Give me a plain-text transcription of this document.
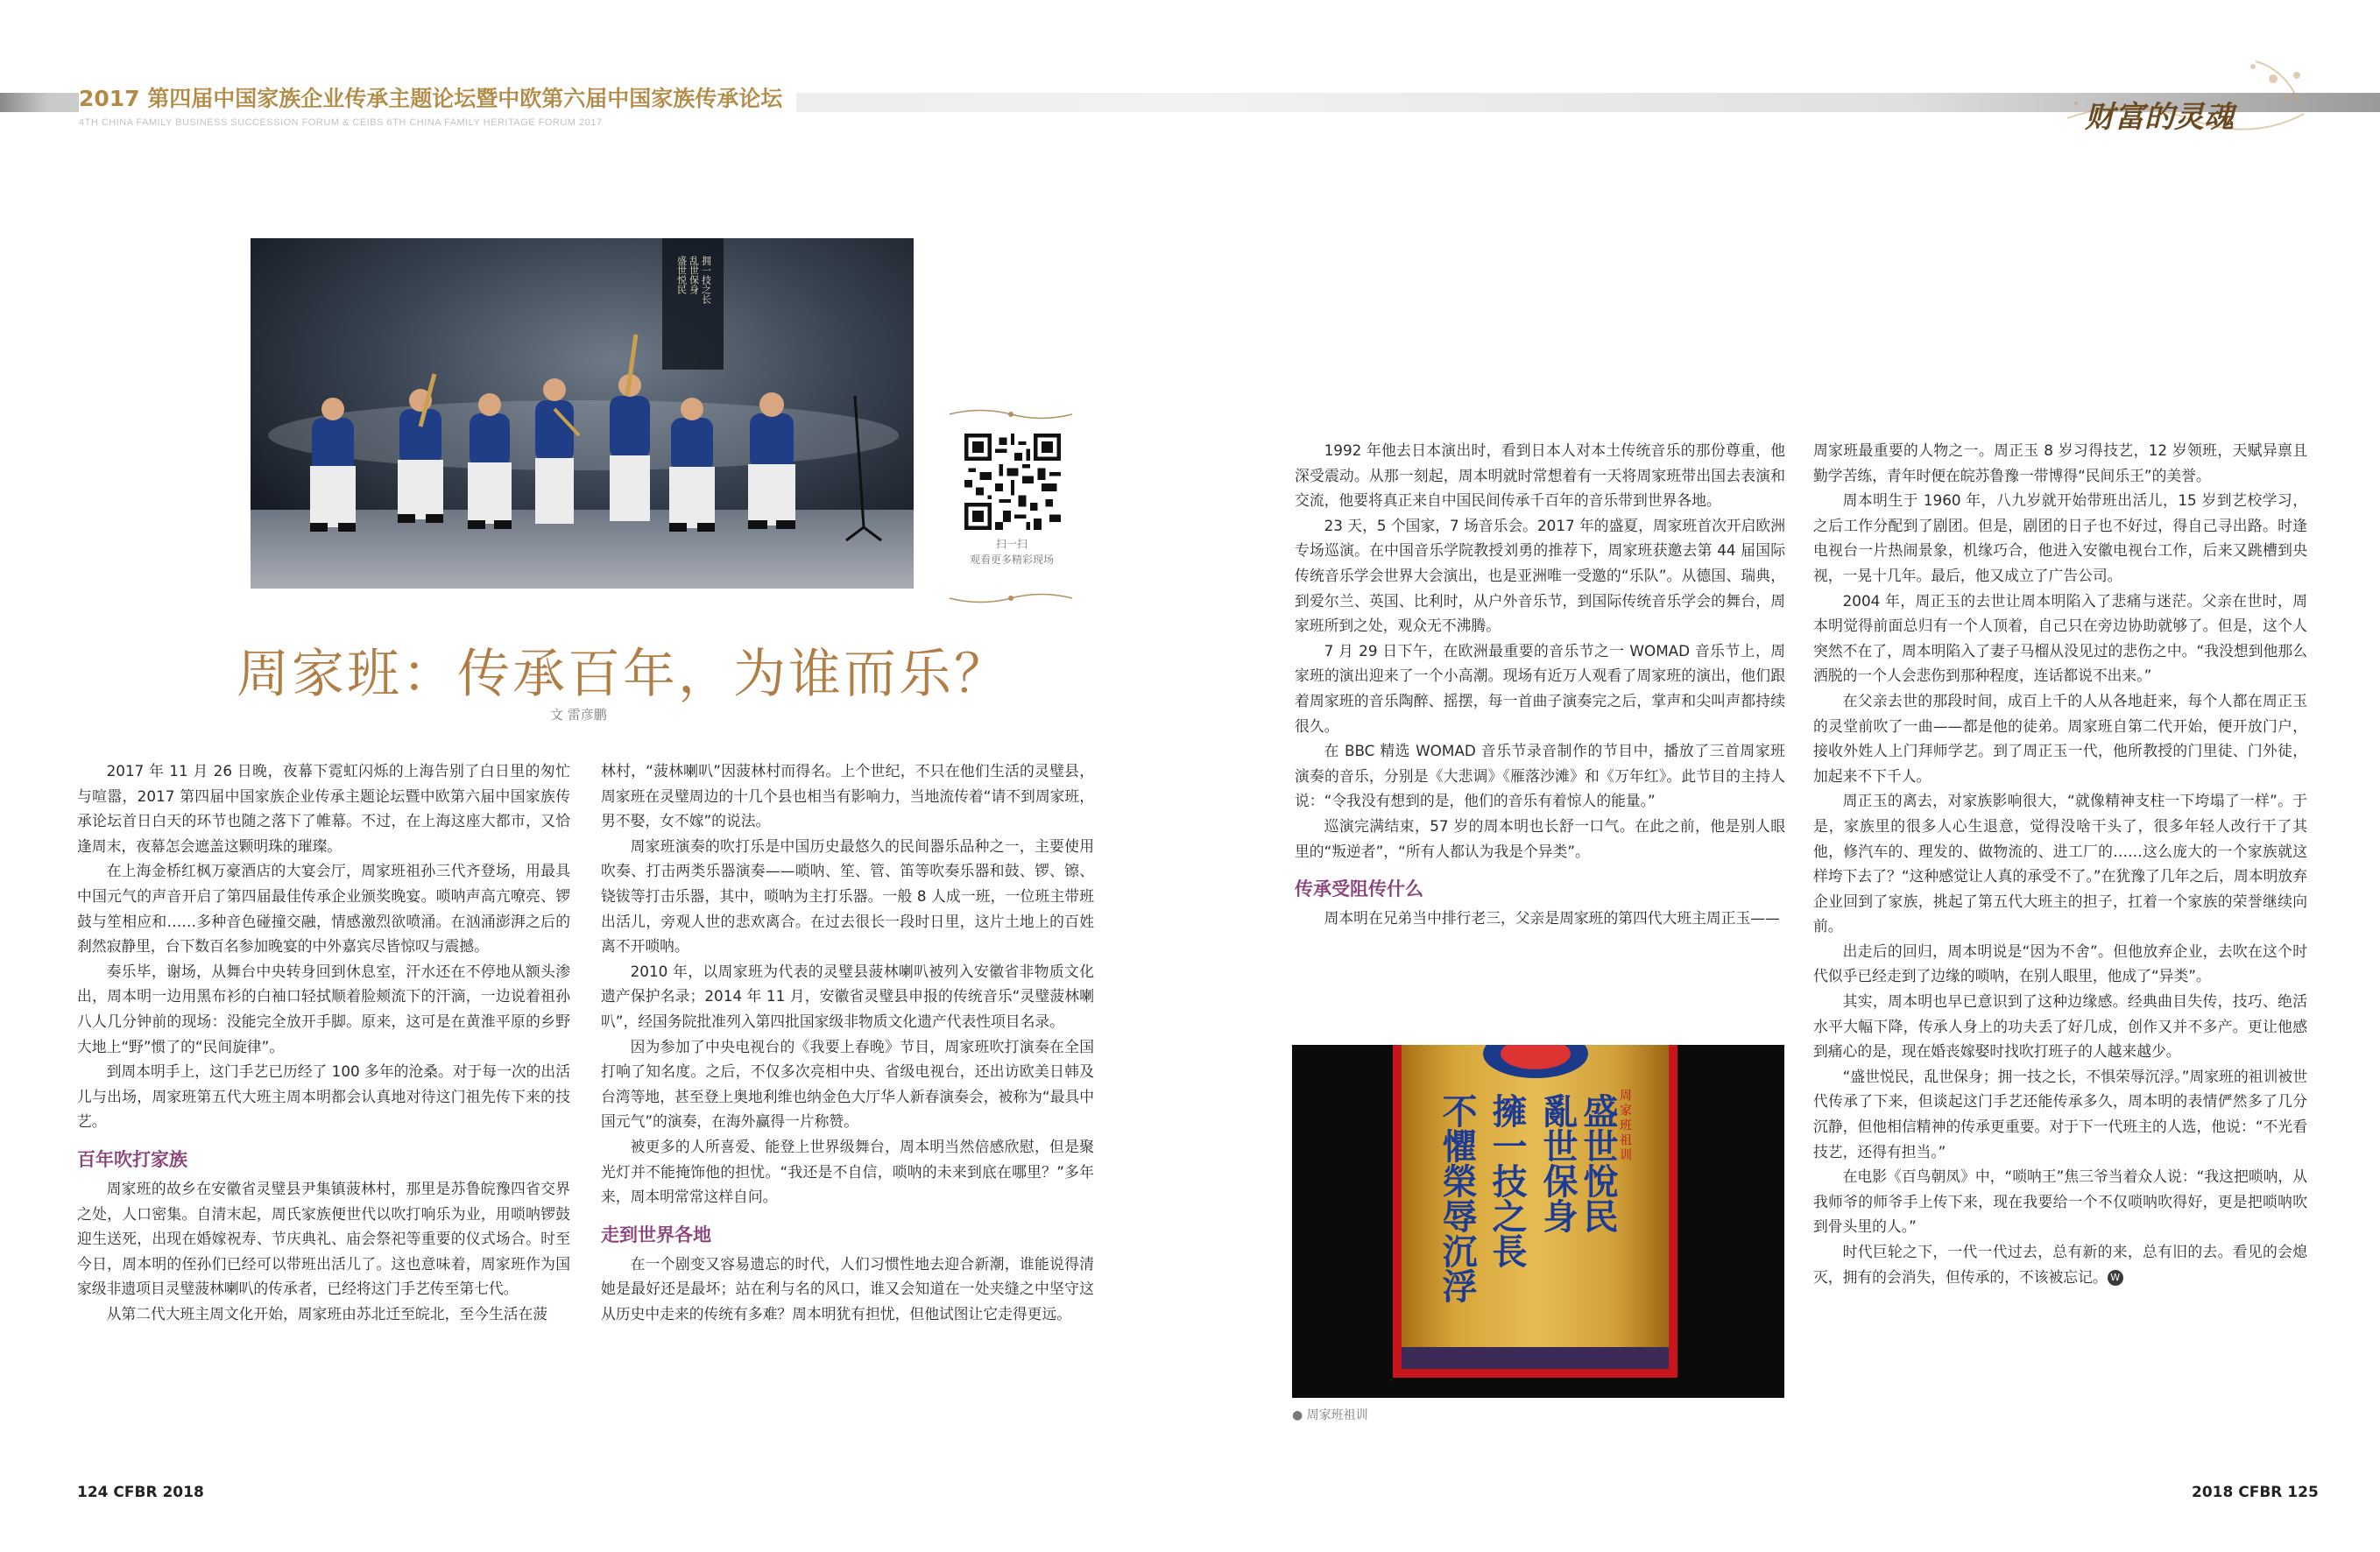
2017 第四届中国家族企业传承主题论坛暨中欧第六届中国家族传承论坛
4TH CHINA FAMILY BUSINESS SUCCESSION FORUM & CEIBS 6TH CHINA FAMILY HERITAGE FORUM 2017	财富的灵魂
盛世悦民 乱世保身 拥一技之长
扫一扫
观看更多精彩现场
周家班：传承百年，为谁而乐？
文 雷彦鹏

2017 年 11 月 26 日晚，夜幕下霓虹闪烁的上海告别了白日里的匆忙与喧嚣，2017 第四届中国家族企业传承主题论坛暨中欧第六届中国家族传承论坛首日白天的环节也随之落下了帷幕。不过，在上海这座大都市，又恰逢周末，夜幕怎会遮盖这颗明珠的璀璨。

在上海金桥红枫万豪酒店的大宴会厅，周家班祖孙三代齐登场，用最具中国元气的声音开启了第四届最佳传承企业颁奖晚宴。唢呐声高亢嘹亮、锣鼓与笙相应和……多种音色碰撞交融，情感激烈欲喷涌。在汹涌澎湃之后的刹然寂静里，台下数百名参加晚宴的中外嘉宾尽皆惊叹与震撼。

奏乐毕，谢场，从舞台中央转身回到休息室，汗水还在不停地从额头渗出，周本明一边用黑布衫的白袖口轻拭顺着脸颊流下的汗滴，一边说着祖孙八人几分钟前的现场：没能完全放开手脚。原来，这可是在黄淮平原的乡野大地上“野”惯了的“民间旋律”。

到周本明手上，这门手艺已历经了 100 多年的沧桑。对于每一次的出活儿与出场，周家班第五代大班主周本明都会认真地对待这门祖先传下来的技艺。

百年吹打家族

周家班的故乡在安徽省灵璧县尹集镇菠林村，那里是苏鲁皖豫四省交界之处，人口密集。自清末起，周氏家族便世代以吹打响乐为业，用唢呐锣鼓迎生送死，出现在婚嫁祝寿、节庆典礼、庙会祭祀等重要的仪式场合。时至今日，周本明的侄孙们已经可以带班出活儿了。这也意味着，周家班作为国家级非遗项目灵璧菠林喇叭的传承者，已经将这门手艺传至第七代。

从第二代大班主周文化开始，周家班由苏北迁至皖北，至今生活在菠

林村，“菠林喇叭”因菠林村而得名。上个世纪，不只在他们生活的灵璧县，周家班在灵璧周边的十几个县也相当有影响力，当地流传着“请不到周家班，男不娶，女不嫁”的说法。

周家班演奏的吹打乐是中国历史最悠久的民间器乐品种之一，主要使用吹奏、打击两类乐器演奏——唢呐、笙、管、笛等吹奏乐器和鼓、锣、镲、铙钹等打击乐器，其中，唢呐为主打乐器。一般 8 人成一班，一位班主带班出活儿，旁观人世的悲欢离合。在过去很长一段时日里，这片土地上的百姓离不开唢呐。

2010 年，以周家班为代表的灵璧县菠林喇叭被列入安徽省非物质文化遗产保护名录；2014 年 11 月，安徽省灵璧县申报的传统音乐“灵璧菠林喇叭”，经国务院批准列入第四批国家级非物质文化遗产代表性项目名录。

因为参加了中央电视台的《我要上春晚》节目，周家班吹打演奏在全国打响了知名度。之后，不仅多次亮相中央、省级电视台，还出访欧美日韩及台湾等地，甚至登上奥地利维也纳金色大厅华人新春演奏会，被称为“最具中国元气”的演奏，在海外赢得一片称赞。

被更多的人所喜爱、能登上世界级舞台，周本明当然倍感欣慰，但是聚光灯并不能掩饰他的担忧。“我还是不自信，唢呐的未来到底在哪里？”多年来，周本明常常这样自问。

走到世界各地

在一个剧变又容易遗忘的时代，人们习惯性地去迎合新潮，谁能说得清她是最好还是最坏；站在利与名的风口，谁又会知道在一处夹缝之中坚守这从历史中走来的传统有多难？周本明犹有担忧，但他试图让它走得更远。

1992 年他去日本演出时，看到日本人对本土传统音乐的那份尊重，他深受震动。从那一刻起，周本明就时常想着有一天将周家班带出国去表演和交流，他要将真正来自中国民间传承千百年的音乐带到世界各地。

23 天，5 个国家，7 场音乐会。2017 年的盛夏，周家班首次开启欧洲专场巡演。在中国音乐学院教授刘勇的推荐下，周家班获邀去第 44 届国际传统音乐学会世界大会演出，也是亚洲唯一受邀的“乐队”。从德国、瑞典，到爱尔兰、英国、比利时，从户外音乐节，到国际传统音乐学会的舞台，周家班所到之处，观众无不沸腾。

7 月 29 日下午，在欧洲最重要的音乐节之一 WOMAD 音乐节上，周家班的演出迎来了一个小高潮。现场有近万人观看了周家班的演出，他们跟着周家班的音乐陶醉、摇摆，每一首曲子演奏完之后，掌声和尖叫声都持续很久。

在 BBC 精选 WOMAD 音乐节录音制作的节目中，播放了三首周家班演奏的音乐，分别是《大悲调》《雁落沙滩》和《万年红》。此节目的主持人说：“令我没有想到的是，他们的音乐有着惊人的能量。”

巡演完满结束，57 岁的周本明也长舒一口气。在此之前，他是别人眼里的“叛逆者”，“所有人都认为我是个异类”。

传承受阻传什么

周本明在兄弟当中排行老三，父亲是周家班的第四代大班主周正玉——

周家班祖训
不懼榮辱沉浮 擁一技之長 亂世保身 盛世悅民
● 周家班祖训

周家班最重要的人物之一。周正玉 8 岁习得技艺，12 岁领班，天赋异禀且勤学苦练，青年时便在皖苏鲁豫一带博得“民间乐王”的美誉。

周本明生于 1960 年，八九岁就开始带班出活儿，15 岁到艺校学习，之后工作分配到了剧团。但是，剧团的日子也不好过，得自己寻出路。时逢电视台一片热闹景象，机缘巧合，他进入安徽电视台工作，后来又跳槽到央视，一晃十几年。最后，他又成立了广告公司。

2004 年，周正玉的去世让周本明陷入了悲痛与迷茫。父亲在世时，周本明觉得前面总归有一个人顶着，自己只在旁边协助就够了。但是，这个人突然不在了，周本明陷入了妻子马榴从没见过的悲伤之中。“我没想到他那么洒脱的一个人会悲伤到那种程度，连话都说不出来。”

在父亲去世的那段时间，成百上千的人从各地赶来，每个人都在周正玉的灵堂前吹了一曲——都是他的徒弟。周家班自第二代开始，便开放门户，接收外姓人上门拜师学艺。到了周正玉一代，他所教授的门里徒、门外徒，加起来不下千人。

周正玉的离去，对家族影响很大，“就像精神支柱一下垮塌了一样”。于是，家族里的很多人心生退意，觉得没啥干头了，很多年轻人改行干了其他，修汽车的、理发的、做物流的、进工厂的……这么庞大的一个家族就这样垮下去了？“这种感觉让人真的承受不了。”在犹豫了几年之后，周本明放弃企业回到了家族，挑起了第五代大班主的担子，扛着一个家族的荣誉继续向前。

出走后的回归，周本明说是“因为不舍”。但他放弃企业，去吹在这个时代似乎已经走到了边缘的唢呐，在别人眼里，他成了“异类”。

其实，周本明也早已意识到了这种边缘感。经典曲目失传，技巧、绝活水平大幅下降，传承人身上的功夫丢了好几成，创作又并不多产。更让他感到痛心的是，现在婚丧嫁娶时找吹打班子的人越来越少。

“盛世悦民，乱世保身；拥一技之长，不惧荣辱沉浮。”周家班的祖训被世代传承了下来，但谈起这门手艺还能传承多久，周本明的表情俨然多了几分沉静，但他相信精神的传承更重要。对于下一代班主的人选，他说：“不光看技艺，还得有担当。”

在电影《百鸟朝凤》中，“唢呐王”焦三爷当着众人说：“我这把唢呐，从我师爷的师爷手上传下来，现在我要给一个不仅唢呐吹得好，更是把唢呐吹到骨头里的人。”

时代巨轮之下，一代一代过去，总有新的来，总有旧的去。看见的会熄灭，拥有的会消失，但传承的，不该被忘记。 W

124 CFBR 2018	2018 CFBR 125
